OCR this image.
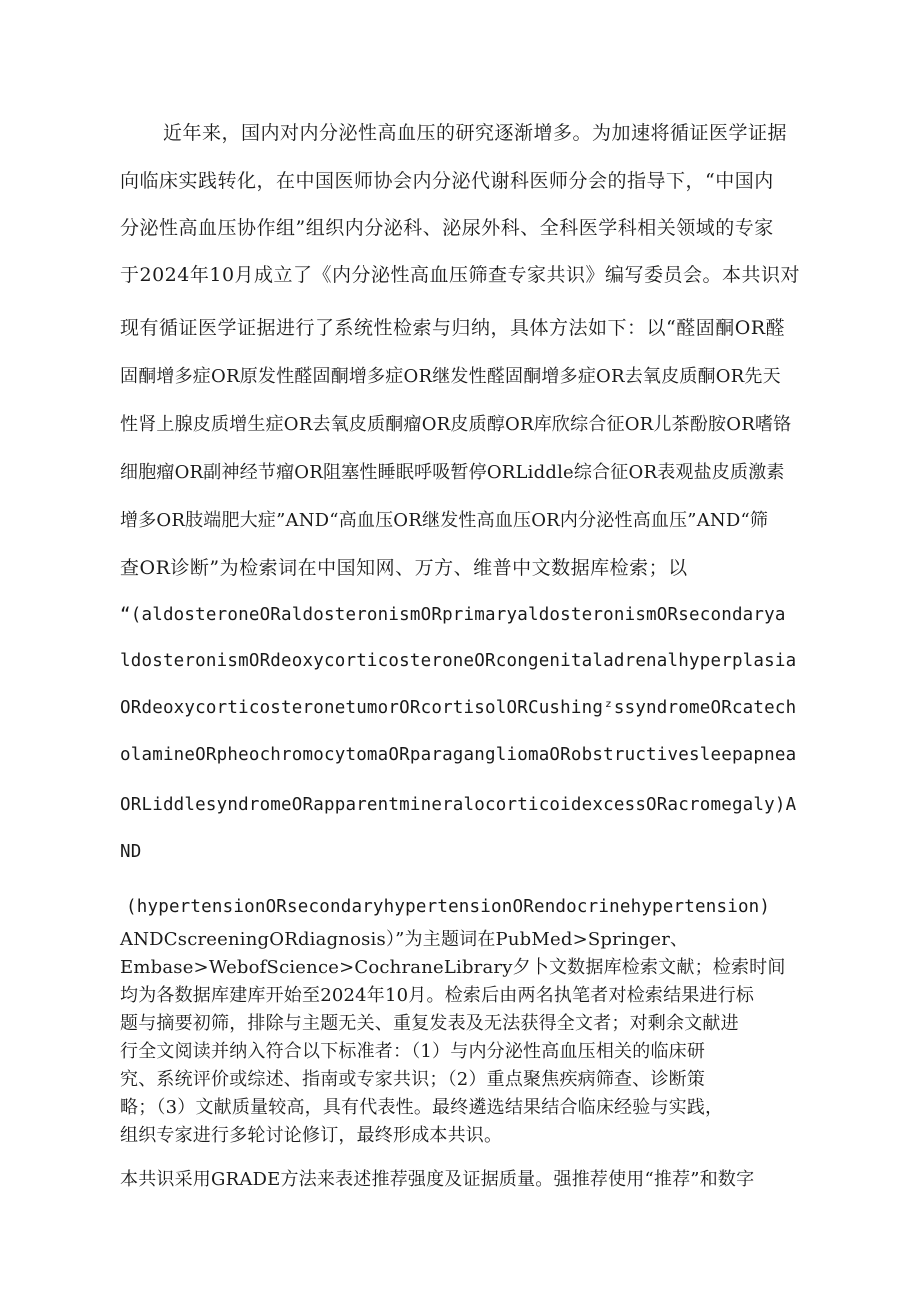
近年来，国内对内分泌性高血压的研究逐渐增多。为加速将循证医学证据
向临床实践转化，在中国医师协会内分泌代谢科医师分会的指导下，“中国内
分泌性高血压协作组”组织内分泌科、泌尿外科、全科医学科相关领域的专家
于2024年10月成立了《内分泌性高血压筛查专家共识》编写委员会。本共识对
现有循证医学证据进行了系统性检索与归纳，具体方法如下：以“醛固酮OR醛
固酮增多症OR原发性醛固酮增多症OR继发性醛固酮增多症OR去氧皮质酮OR先天
性肾上腺皮质增生症OR去氧皮质酮瘤OR皮质醇OR库欣综合征OR儿茶酚胺OR嗜铬
细胞瘤OR副神经节瘤OR阻塞性睡眠呼吸暂停ORLiddle综合征OR表观盐皮质激素
增多OR肢端肥大症”AND“高血压OR继发性高血压OR内分泌性高血压”AND“筛
查OR诊断”为检索词在中国知网、万方、维普中文数据库检索；以
“(aldosteroneORaldosteronismORprimaryaldosteronismORsecondarya
ldosteronismORdeoxycorticosteroneORcongenitaladrenalhyperplasia
ORdeoxycorticosteronetumorORcortisolORCushingᶻssyndromeORcatech
olamineORpheochromocytomaORparagangliomaORobstructivesleepapnea
ORLiddlesyndromeORapparentmineralocorticoidexcessORacromegaly)A
ND
(hypertensionORsecondaryhypertensionORendocrinehypertension)
ANDCscreeningORdiagnosis）”为主题词在PubMed>Springer、
Embase>WebofScience>CochraneLibrary夕卜文数据库检索文献；检索时间
均为各数据库建库开始至2024年10月。检索后由两名执笔者对检索结果进行标
题与摘要初筛，排除与主题无关、重复发表及无法获得全文者；对剩余文献进
行全文阅读并纳入符合以下标准者：（1）与内分泌性高血压相关的临床研
究、系统评价或综述、指南或专家共识；（2）重点聚焦疾病筛查、诊断策
略；（3）文献质量较高，具有代表性。最终遴选结果结合临床经验与实践，
组织专家进行多轮讨论修订，最终形成本共识。
本共识采用GRADE方法来表述推荐强度及证据质量。强推荐使用“推荐”和数字
